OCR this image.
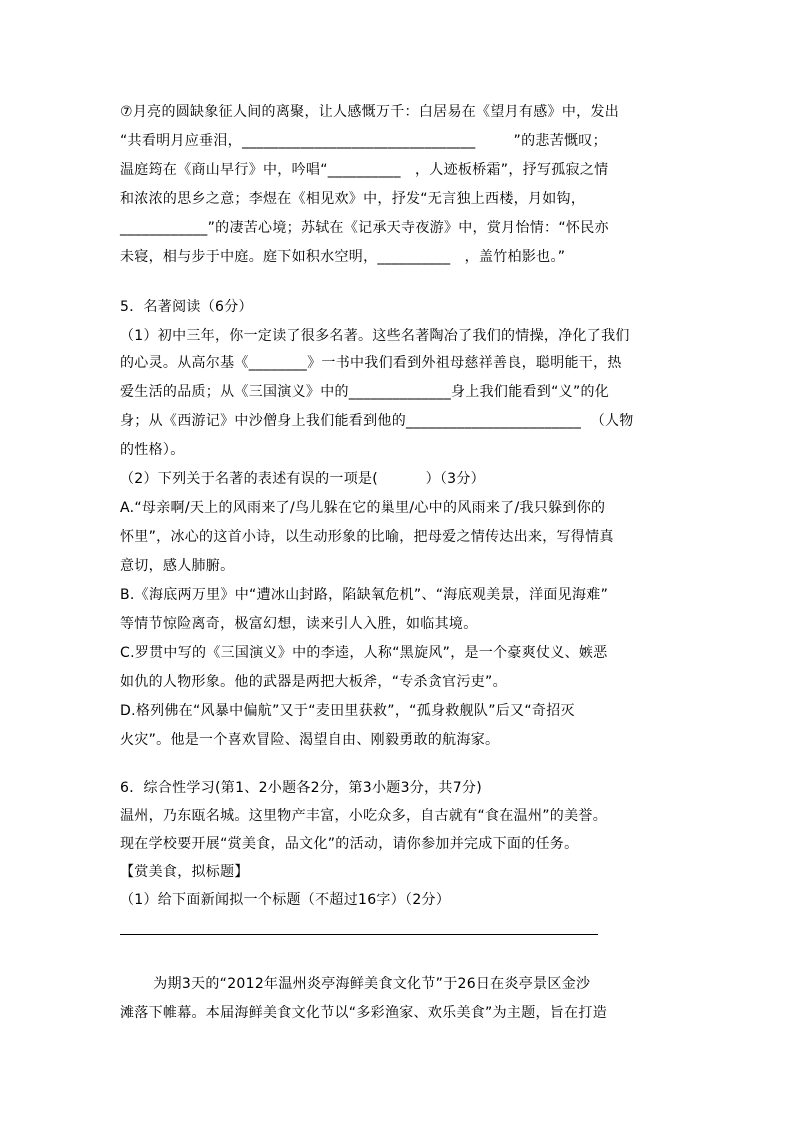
⑦月亮的圆缺象征人间的离聚，让人感慨万千：白居易在《望月有感》中，发出
“共看明月应垂泪，________________________________        ”的悲苦慨叹；
温庭筠在《商山早行》中，吟唱“__________   ，人迹板桥霜”，抒写孤寂之情
和浓浓的思乡之意；李煜在《相见欢》中，抒发“无言独上西楼，月如钩，
____________”的凄苦心境；苏轼在《记承天寺夜游》中，赏月怡情：“怀民亦
未寝，相与步于中庭。庭下如积水空明，__________   ，盖竹柏影也。”
5．名著阅读（6分）
（1）初中三年，你一定读了很多名著。这些名著陶冶了我们的情操，净化了我们
的心灵。从高尔基《________》一书中我们看到外祖母慈祥善良，聪明能干，热
爱生活的品质；从《三国演义》中的______________身上我们能看到“义”的化
身；从《西游记》中沙僧身上我们能看到他的________________________  （人物
的性格）。
（2）下列关于名著的表述有误的一项是(          ）（3分）
A.“母亲啊/天上的风雨来了/鸟儿躲在它的巢里/心中的风雨来了/我只躲到你的
怀里”，冰心的这首小诗，以生动形象的比喻，把母爱之情传达出来，写得情真
意切，感人肺腑。
B.《海底两万里》中“遭冰山封路，陷缺氧危机”、“海底观美景，洋面见海难”
等情节惊险离奇，极富幻想，读来引人入胜，如临其境。
C.罗贯中写的《三国演义》中的李逵，人称“黑旋风”，是一个豪爽仗义、嫉恶
如仇的人物形象。他的武器是两把大板斧，“专杀贪官污吏”。
D.格列佛在“风暴中偏航”又于“麦田里获救”，“孤身救舰队”后又“奇招灭
火灾”。他是一个喜欢冒险、渴望自由、刚毅勇敢的航海家。
6．综合性学习(第1、2小题各2分，第3小题3分，共7分)
温州，乃东瓯名城。这里物产丰富，小吃众多，自古就有“食在温州”的美誉。
现在学校要开展“赏美食，品文化”的活动，请你参加并完成下面的任务。
【赏美食，拟标题】
（1）给下面新闻拟一个标题（不超过16字）（2分）
为期3天的“2012年温州炎亭海鲜美食文化节”于26日在炎亭景区金沙
滩落下帷幕。本届海鲜美食文化节以“多彩渔家、欢乐美食”为主题，旨在打造
